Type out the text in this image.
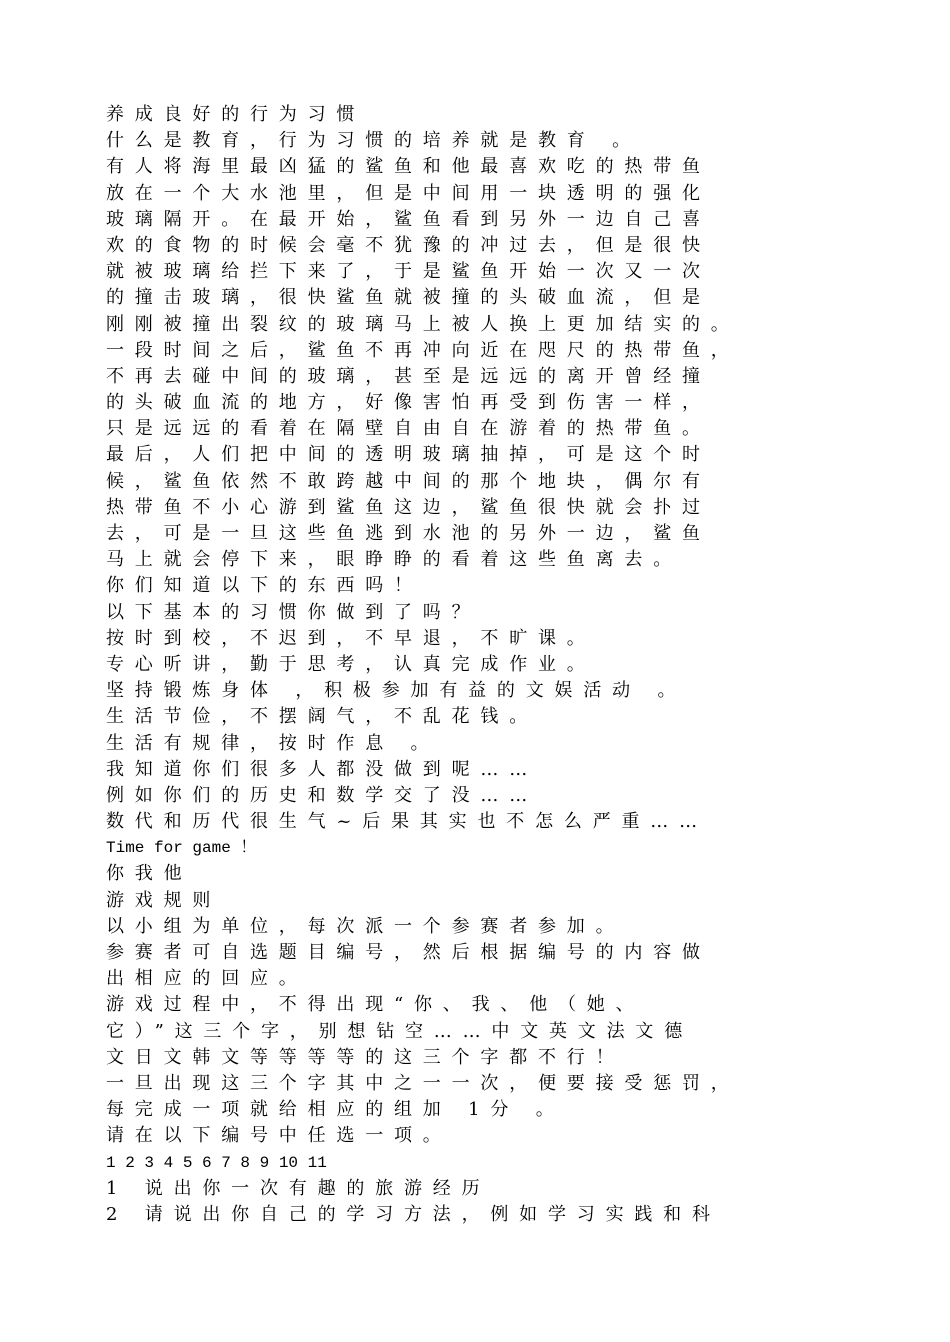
养成良好的行为习惯
什么是教育，行为习惯的培养就是教育 。
有人将海里最凶猛的鲨鱼和他最喜欢吃的热带鱼
放在一个大水池里，但是中间用一块透明的强化
玻璃隔开。在最开始，鲨鱼看到另外一边自己喜
欢的食物的时候会毫不犹豫的冲过去，但是很快
就被玻璃给拦下来了，于是鲨鱼开始一次又一次
的撞击玻璃，很快鲨鱼就被撞的头破血流，但是
刚刚被撞出裂纹的玻璃马上被人换上更加结实的。
一段时间之后，鲨鱼不再冲向近在咫尺的热带鱼，
不再去碰中间的玻璃，甚至是远远的离开曾经撞
的头破血流的地方，好像害怕再受到伤害一样，
只是远远的看着在隔壁自由自在游着的热带鱼。
最后，人们把中间的透明玻璃抽掉，可是这个时
候，鲨鱼依然不敢跨越中间的那个地块，偶尔有
热带鱼不小心游到鲨鱼这边，鲨鱼很快就会扑过
去，可是一旦这些鱼逃到水池的另外一边，鲨鱼
马上就会停下来，眼睁睁的看着这些鱼离去。
你们知道以下的东西吗！
以下基本的习惯你做到了吗？
按时到校，不迟到，不早退，不旷课。
专心听讲，勤于思考，认真完成作业。
坚持锻炼身体 ，积极参加有益的文娱活动 。
生活节俭，不摆阔气，不乱花钱。
生活有规律，按时作息 。
我知道你们很多人都没做到呢……
例如你们的历史和数学交了没……
数代和历代很生气~后果其实也不怎么严重……
Time for game ！
你我他
游戏规则
以小组为单位，每次派一个参赛者参加。
参赛者可自选题目编号，然后根据编号的内容做
出相应的回应。
游戏过程中，不得出现“你、我、他（她、
它）”这三个字，别想钻空……中文英文法文德
文日文韩文等等等等的这三个字都不行！
一旦出现这三个字其中之一一次，便要接受惩罚，
每完成一项就给相应的组加 1分 。
请在以下编号中任选一项。
1 2 3 4 5 6 7 8 9 10 11
1 说出你一次有趣的旅游经历
2 请说出你自己的学习方法，例如学习实践和科
